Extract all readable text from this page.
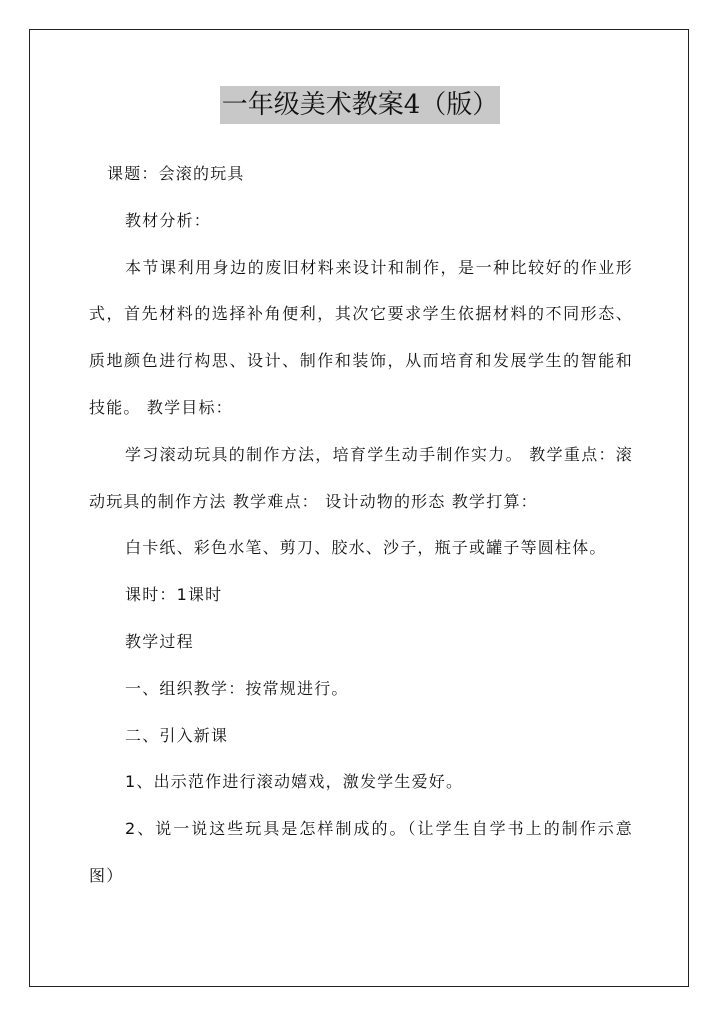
一年级美术教案4（版）

课题：会滚的玩具

教材分析：

本节课利用身边的废旧材料来设计和制作，是一种比较好的作业形式，首先材料的选择补角便利，其次它要求学生依据材料的不同形态、质地颜色进行构思、设计、制作和装饰，从而培育和发展学生的智能和技能。 教学目标：

学习滚动玩具的制作方法，培育学生动手制作实力。 教学重点：滚动玩具的制作方法 教学难点： 设计动物的形态 教学打算：

白卡纸、彩色水笔、剪刀、胶水、沙子，瓶子或罐子等圆柱体。

课时：1课时

教学过程

一、组织教学：按常规进行。

二、引入新课

1、出示范作进行滚动嬉戏，激发学生爱好。

2、说一说这些玩具是怎样制成的。（让学生自学书上的制作示意图）
